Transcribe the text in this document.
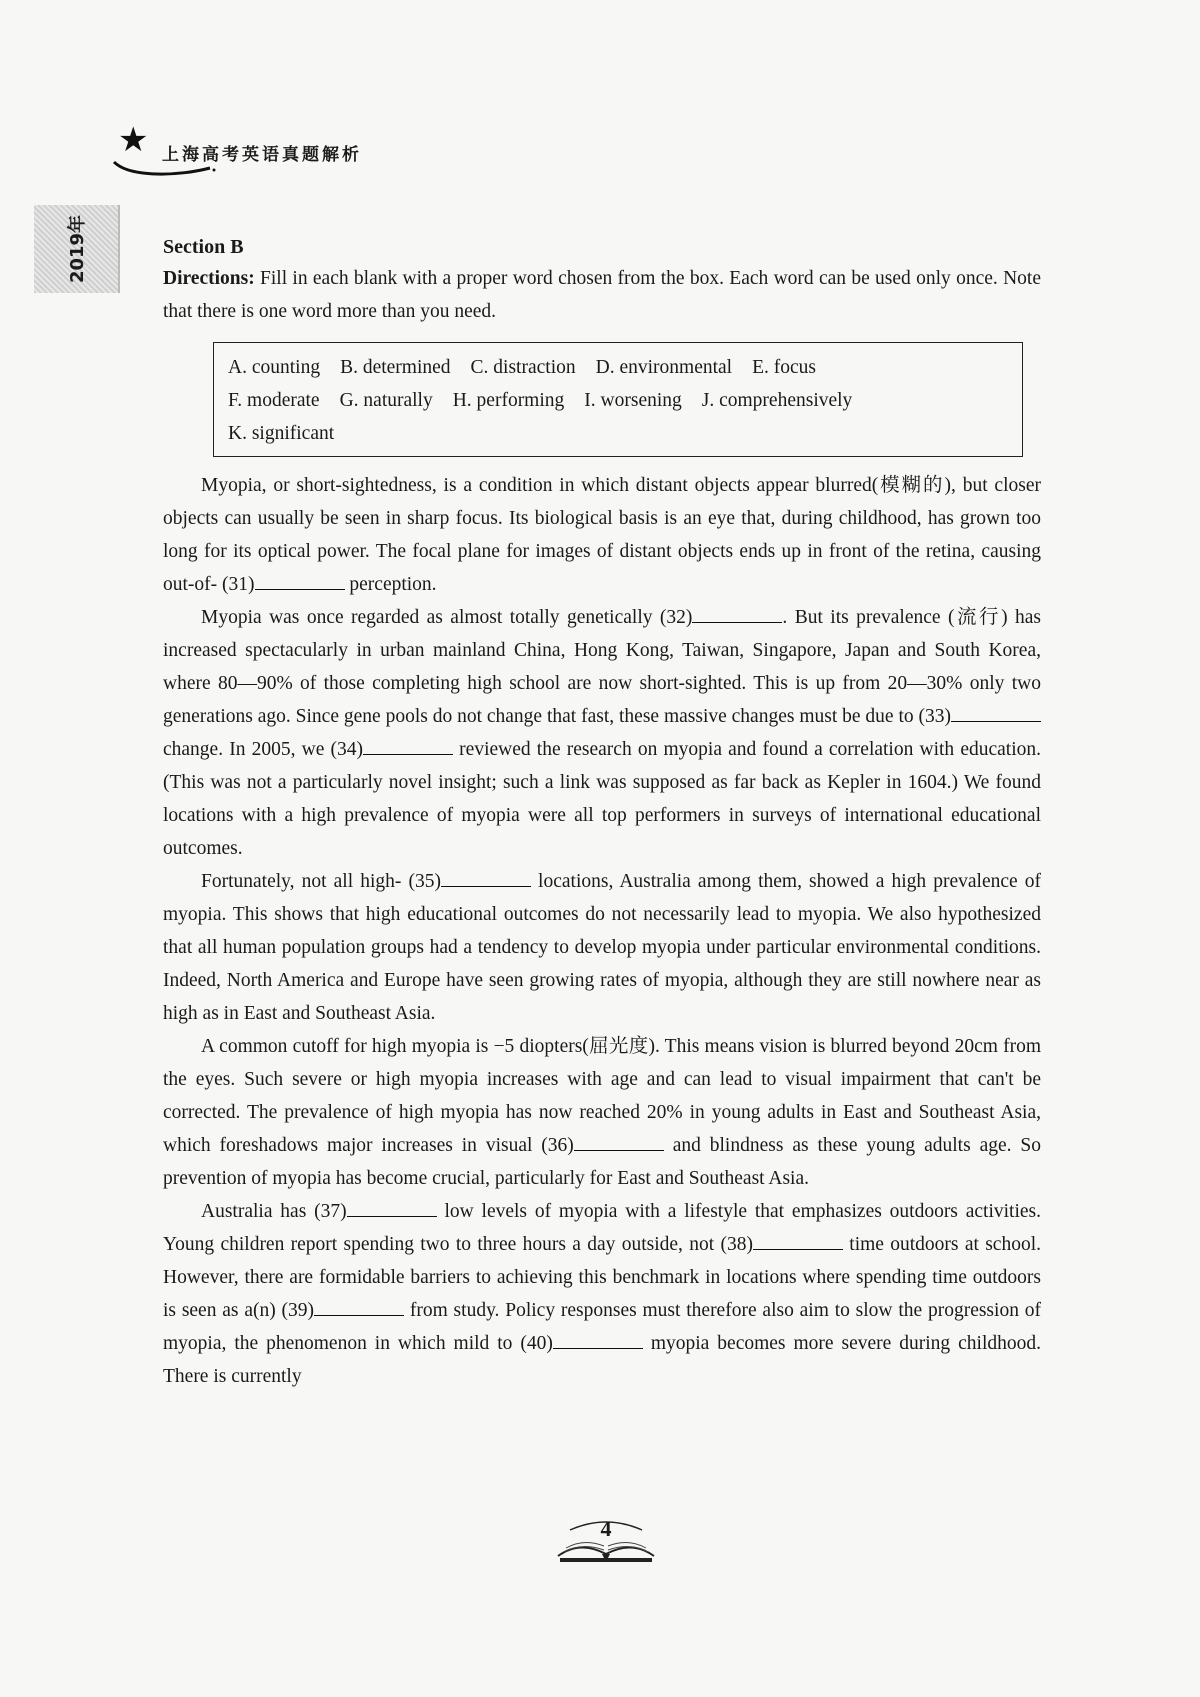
★ 上海高考英语真题解析
2019年	Section B

Directions: Fill in each blank with a proper word chosen from the box. Each word can be used only once. Note that there is one word more than you need.

A. counting B. determined C. distraction D. environmental E. focus
F. moderate G. naturally H. performing I. worsening J. comprehensively
K. significant

Myopia, or short-sightedness, is a condition in which distant objects appear blurred(模糊的), but closer objects can usually be seen in sharp focus. Its biological basis is an eye that, during childhood, has grown too long for its optical power. The focal plane for images of distant objects ends up in front of the retina, causing out-of- (31)	perception.

Myopia was once regarded as almost totally genetically (32)	. But its prevalence (流行) has increased spectacularly in urban mainland China, Hong Kong, Taiwan, Singapore, Japan and South Korea, where 80—90% of those completing high school are now short-sighted. This is up from 20—30% only two generations ago. Since gene pools do not change that fast, these massive changes must be due to (33) change. In 2005, we (34)	reviewed the research on myopia and found a correlation with education. (This was not a particularly novel insight; such a link was supposed as far back as Kepler in 1604.) We found locations with a high prevalence of myopia were all top performers in surveys of international educational outcomes.

Fortunately, not all high- (35)	locations, Australia among them, showed a high prevalence of myopia. This shows that high educational outcomes do not necessarily lead to myopia. We also hypothesized that all human population groups had a tendency to develop myopia under particular environmental conditions. Indeed, North America and Europe have seen growing rates of myopia, although they are still nowhere near as high as in East and Southeast Asia.

A common cutoff for high myopia is −5 diopters(屈光度). This means vision is blurred beyond 20cm from the eyes. Such severe or high myopia increases with age and can lead to visual impairment that can't be corrected. The prevalence of high myopia has now reached 20% in young adults in East and Southeast Asia, which foreshadows major increases in visual (36)	and blindness as these young adults age. So prevention of myopia has become crucial, particularly for East and Southeast Asia.

Australia has (37)	low levels of myopia with a lifestyle that emphasizes outdoors activities. Young children report spending two to three hours a day outside, not (38)	time outdoors at school. However, there are formidable barriers to achieving this benchmark in locations where spending time outdoors is seen as a(n) (39)	from study. Policy responses must therefore also aim to slow the progression of myopia, the phenomenon in which mild to (40)	myopia becomes more severe during childhood. There is currently

4
